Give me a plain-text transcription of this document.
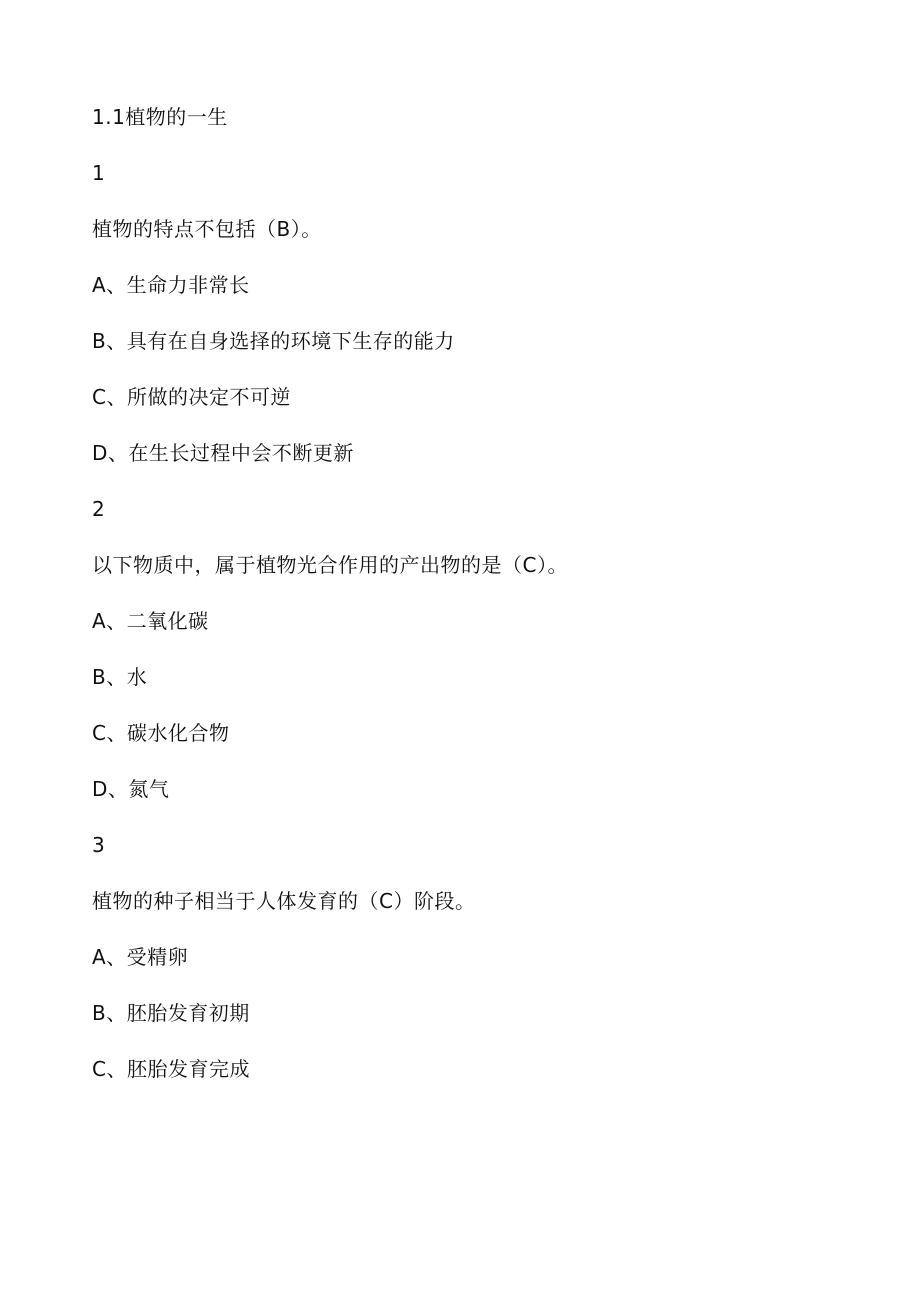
1.1植物的一生
1
植物的特点不包括（B）。
A、生命力非常长
B、具有在自身选择的环境下生存的能力
C、所做的决定不可逆
D、在生长过程中会不断更新
2
以下物质中，属于植物光合作用的产出物的是（C）。
A、二氧化碳
B、水
C、碳水化合物
D、氮气
3
植物的种子相当于人体发育的（C）阶段。
A、受精卵
B、胚胎发育初期
C、胚胎发育完成
